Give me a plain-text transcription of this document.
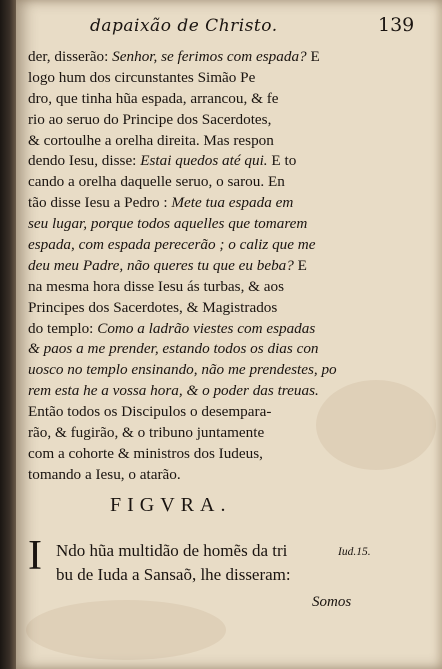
dapaixão de Christo.	139
der, disserão: Senhor, se ferimos com espada? E
logo hum dos circunstantes Simão Pe
dro, que tinha hũa espada, arrancou, & fe
rio ao seruo do Principe dos Sacerdotes,
& cortoulhe a orelha direita. Mas respon
dendo Iesu, disse: Estai quedos até qui. E to
cando a orelha daquelle seruo, o sarou. En
tão disse Iesu a Pedro : Mete tua espada em
seu lugar, porque todos aquelles que tomarem
espada, com espada perecerão ; o caliz que me
deu meu Padre, não queres tu que eu beba? E
na mesma hora disse Iesu ás turbas, & aos
Principes dos Sacerdotes, & Magistrados
do templo: Como a ladrão viestes com espadas
& paos a me prender, estando todos os dias con
uosco no templo ensinando, não me prendestes, po
rem esta he a vossa hora, & o poder das treuas.
Então todos os Discipulos o desempara-
rão, & fugirão, & o tribuno juntamente
com a cohorte & ministros dos Iudeus,
tomando a Iesu, o atarão.
FIGVRA.
I Ndo hũa multidão de homẽs da tri
bu de Iuda a Sansaõ, lhe disseram:
Iud.15.
Somos
